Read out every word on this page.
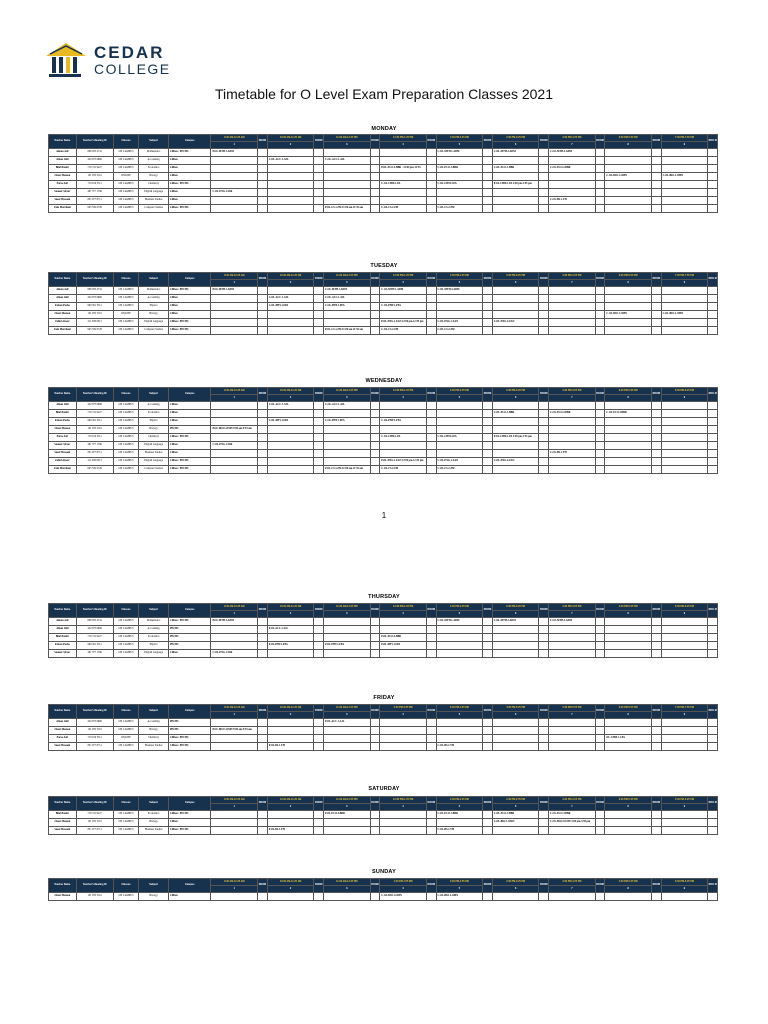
CEDAR
COLLEGE
Timetable for O Level Exam Preparation Classes 2021
MONDAY
Teacher Name	Teacher's Meeting ID	Classes	Subject	Campus	9:30 AM-10:25 AM	ROOM	10:30 AM-11:25 AM	ROOM	11:30 AM-12:25 PM	ROOM	12:30 PM-1:25 PM	ROOM	1:30 PM-2:25 PM	ROOM	2:30 PM-3:25 PM	ROOM	3:30 PM-4:25 PM	ROOM	6:30 PM-5:30 PM	ROOM	7:30 PM-7:30 PM	ROO M
					1		2		3		4		5		6		7		8		9	
Adnan Asif	896 976 4741	ON CAMPUS	Mathematics	Clifton / PECHS	P.OL.MTH.1.ADM								C.OL.MTH.1.ADM		C.OL.MTH.3.ADM		C.OL.MTH.4.ADM					
Afnan Jalil	434 873 6666	ON CAMPUS	Accounting	Clifton			C.OL.ACC.1.AJL		C.OL.ACC.1.AJL													
Bilal Bashir	718 741 9427	ON CAMPUS	Economics	Clifton							P.OL.ECO.4.BBR - 12:00 pm-12:55		C.OL.ECO.1.BBR		C.OL.ECO.1.BBR		C.OL.ECO.2.BBR					
Omar Memon	101 976 3161	ONLINE	Biology	Clifton															C.OL.BIO.1.OMN		C.OL.BIO.2.OMN	
Parsa Asif	718 016 3311	ON CAMPUS	Chemistry	Clifton / PECHS							C.OL.CHM.1.PA		C.OL.CHM.3.PA		P.OL.CHM.1.PA 3:00 pm-3:55 pm							
Sameer Sirzar	487 377 1766	ON CAMPUS	English Language	Clifton	C.OL.ENG.1.SSR																	
Saeer Hussain	831 877 8711	ON CAMPUS	Business Studies	Clifton													C.OL.BS.1.YH					
Zain Murchani	903 559 6728	ON CAMPUS	Computer Studies	Clifton / PECHS					P.OL.CS.1.ZM 11:00 am-11:55 am		C.OL.CS.2.ZM		C.OL.CS.2.ZM									
TUESDAY
Teacher Name	Teacher's Meeting ID	Classes	Subject	Campus	9:30 AM-10:25 AM	ROOM	10:30 AM-11:25 AM	ROOM	11:30 AM-12:25 PM	ROOM	12:30 PM-1:25 PM	ROOM	1:30 PM-2:25 PM	ROOM	2:30 PM-3:25 PM	ROOM	3:30 PM-4:25 PM	ROOM	6:30 PM-6:00 PM	ROOM	7:00 PM-7:55 PM	ROO M
					1		2		3		4		5		6		7		8		9	
Adnan Asif	896 976 4741	ON CAMPUS	Mathematics	Clifton / PECHS	P.OL.MTH.1.ADM				C.OL.MTH.1.ADM		C.OL.MTH.1.ADM		C.OL.MTH.4.ADM									
Afnan Jalil	434 873 6666	ON CAMPUS	Accounting	Clifton			C.OL.ACC.1.AJL		C.OL.ACC.1.AJL													
Faizan Pasha	669 391 3311	ON CAMPUS	Physics	Clifton			C.OL.PHY.1.FPA		C.OL.PHY.1.FPA		C.OL.PHY.1.FPA											
Omar Memon	101 976 3161	ONLINE	Biology	Clifton															C.OL.BIO.1.OMN		C.OL.BIO.2.OMN	
Zohid Anwer	211 658 6315	ON CAMPUS	English Language	Clifton / PECHS							P.OL.ENG.1.ZAN 12:00 pm-12:55 pm		C.OL.ENG.1.ZAN		C.OL.ENG.4.ZAN							
Zain Murchani	903 559 6728	ON CAMPUS	Computer Studies	Clifton / PECHS					P.OL.CS.1.ZM 11:00 am-11:55 am		C.OL.CS.2.ZM		C.OL.CS.2.ZM									
WEDNESDAY
Teacher Name	Teacher's Meeting ID	Classes	Subject	Campus	9:30 AM-10:25 AM	ROOM	10:30 AM-11:25 AM	ROOM	11:30 AM-12:25 PM	ROOM	12:30 PM-1:25 PM	ROOM	1:30 PM-2:25 PM	ROOM	2:30 PM-3:25 PM	ROOM	3:30 PM-4:25 PM	ROOM	6:30 PM-5:30 PM	ROOM	6:30 PM-6:25 PM	ROO M
					1		2		3		4		5		6		7		8		9	
Afnan Jalil	434 873 6666	ON CAMPUS	Accounting	Clifton			C.OL.ACC.1.AJL		C.OL.ACC.1.AJL													
Bilal Bashir	718 741 9427	ON CAMPUS	Economics	Clifton											C.OL.ECO.1.BBR		C.OL.ECO.2.BBR		C.OL.ECO.3.BBR			
Faizan Pasha	669 391 3311	ON CAMPUS	Physics	Clifton			C.OL.PHY.1.FPA		C.OL.PHY.1.FPA		C.OL.PHY.1.FPA											
Omar Memon	101 976 3161	ON CAMPUS	Biology	PECHS	P.OL.BIO.1.OMN 9:00 am-9:55 am																	
Parsa Asif	718 016 3311	ON CAMPUS	Chemistry	Clifton / PECHS							C.OL.CHM.1.PA		C.OL.CHM.3.PA		P.OL.CHM.1.PA 3:00 pm-3:55 pm							
Sameer Sirzar	487 377 1766	ON CAMPUS	English Language	Clifton	C.OL.ENG.1.SSR																	
Saeer Hussain	831 877 8711	ON CAMPUS	Business Studies	Clifton													C.OL.BS.1.YH					
Zohid Anwer	211 658 6315	ON CAMPUS	English Language	Clifton / PECHS							P.OL.ENG.1.ZAN 12:00 pm-12:55 pm		C.OL.ENG.1.ZAN		C.OL.ENG.4.ZAN							
Zain Murchani	903 559 6728	ON CAMPUS	Computer Studies	Clifton / PECHS					P.OL.CS.1.ZM 11:00 am-11:55 am		C.OL.CS.2.ZM		C.OL.CS.2.ZM									
THURSDAY
Teacher Name	Teacher's Meeting ID	Classes	Subject	Campus	9:30 AM-10:25 AM	ROOM	10:30 AM-11:25 AM	ROOM	11:30 AM-12:25 PM	ROOM	12:30 PM-1:25 PM	ROOM	1:30 PM-2:25 PM	ROOM	2:30 PM-3:25 PM	ROOM	3:30 PM-4:25 PM	ROOM	4:30 PM-5:25 PM	ROOM	5:30 PM-6:25 PM	ROO M
					1		2		3		4		5		6		7		8		9	
Adnan Asif	896 976 4741	ON CAMPUS	Mathematics	Clifton / PECHS	P.OL.MTH.1.ADM								C.OL.MTH.1.ADM		C.OL.MTH.3.ADM		C.OL.MTH.4.ADM					
Afnan Jalil	434 873 6666	ON CAMPUS	Accounting	PECHS			P.OL.ACC.1.AJL															
Bilal Bashir	718 741 9427	ON CAMPUS	Economics	PECHS							P.OL.ECO.4.BBR											
Faizan Pasha	669 391 3311	ON CAMPUS	Physics	PECHS			P.OL.PHY.1.FPA		P.OL.PHY.1.FPA		P.OL.PHY.1.FPA											
Sameer Sirzar	487 377 1766	ON CAMPUS	English Language	Clifton	C.OL.ENG.1.SSR																	
FRIDAY
Teacher Name	Teacher's Meeting ID	Classes	Subject	Campus	9:30 AM-10:25 AM	ROOM	10:30 AM-11:25 AM	ROOM	11:30 AM-12:25 PM	ROOM	2:30 PM-3:25 PM	ROOM	3:30 PM-4:25 PM	ROOM	4:30 PM-5:25 PM	ROOM	5:30 PM-5:55 PM	ROOM	6:30 PM-6:55 PM	ROOM	7:00 PM-7:55 PM	ROO M
					1		2		3		4		5		6		7		8		9	
Afnan Jalil	434 873 6666	ON CAMPUS	Accounting	PECHS					P.OL.ACC.1.AJL													
Omar Memon	101 976 3161	ON CAMPUS	Biology	PECHS	P.OL.BIO.1.OMN 9:00 am-9:55 am																	
Parsa Asif	718 016 3311	ONLINE	Chemistry	Clifton / PECHS															OL.CHM.1.1.PA			
Saeer Hussain	831 877 8711	ON CAMPUS	Business Studies	Clifton / PECHS			P.OL.BS.1.YH						C.OL.BS.1.YH									
SATURDAY
Teacher Name	Teacher's Meeting ID	Classes	Subject	Campus	9:30 AM-10:25 AM	ROOM	10:30 AM-11:25 AM	ROOM	11:30 AM-12:25 PM	ROOM	12:30 PM-1:25 PM	ROOM	1:30 PM-2:25 PM	ROOM	2:30 PM-2:55 PM	ROOM	3:30 PM-4:25 PM	ROOM	3:30 PM-5:25 PM	ROOM	5:30 PM-6:25 PM	ROO M
					1		2		3		4		5		6		7		8		9	
Bilal Bashir	718 741 9427	ON CAMPUS	Economics	Clifton / PECHS					P.OL.ECO.4.BBR				C.OL.ECO.1.BBR		C.OL.ECO.2.BBR		C.OL.ECO.3.BBR					
Omar Memon	101 976 3161	ON CAMPUS	Biology	Clifton											C.OL.BIO.1.OMN		C.OL.BIO.2.OMN 3:00 pm-3:55 pm					
Saeer Hussain	831 877 8711	ON CAMPUS	Business Studies	Clifton / PECHS			P.OL.BS.1.YH						C.OL.BS.1.YH									
SUNDAY
Teacher Name	Teacher's Meeting ID	Classes	Subject	Campus	9:30 AM-10:25 AM	ROOM	10:30 AM-11:25 AM	ROOM	11:30 AM-12:25 PM	ROOM	1:00 PM-1:55 PM	ROOM	2:00 PM-2:55 PM	ROOM	2:30 PM-3:25 PM	ROOM	3:30 PM-4:25 PM	ROOM	4:30 PM-5:25 PM	ROOM	5:30 PM-6:25 PM	ROO M
					1		2		3		4		5		6		7		8		9	
Omar Memon	101 976 3161	ON CAMPUS	Biology	Clifton							C.OL.BIO.1.OMN		C.OL.BIO.2.OMN									
1
